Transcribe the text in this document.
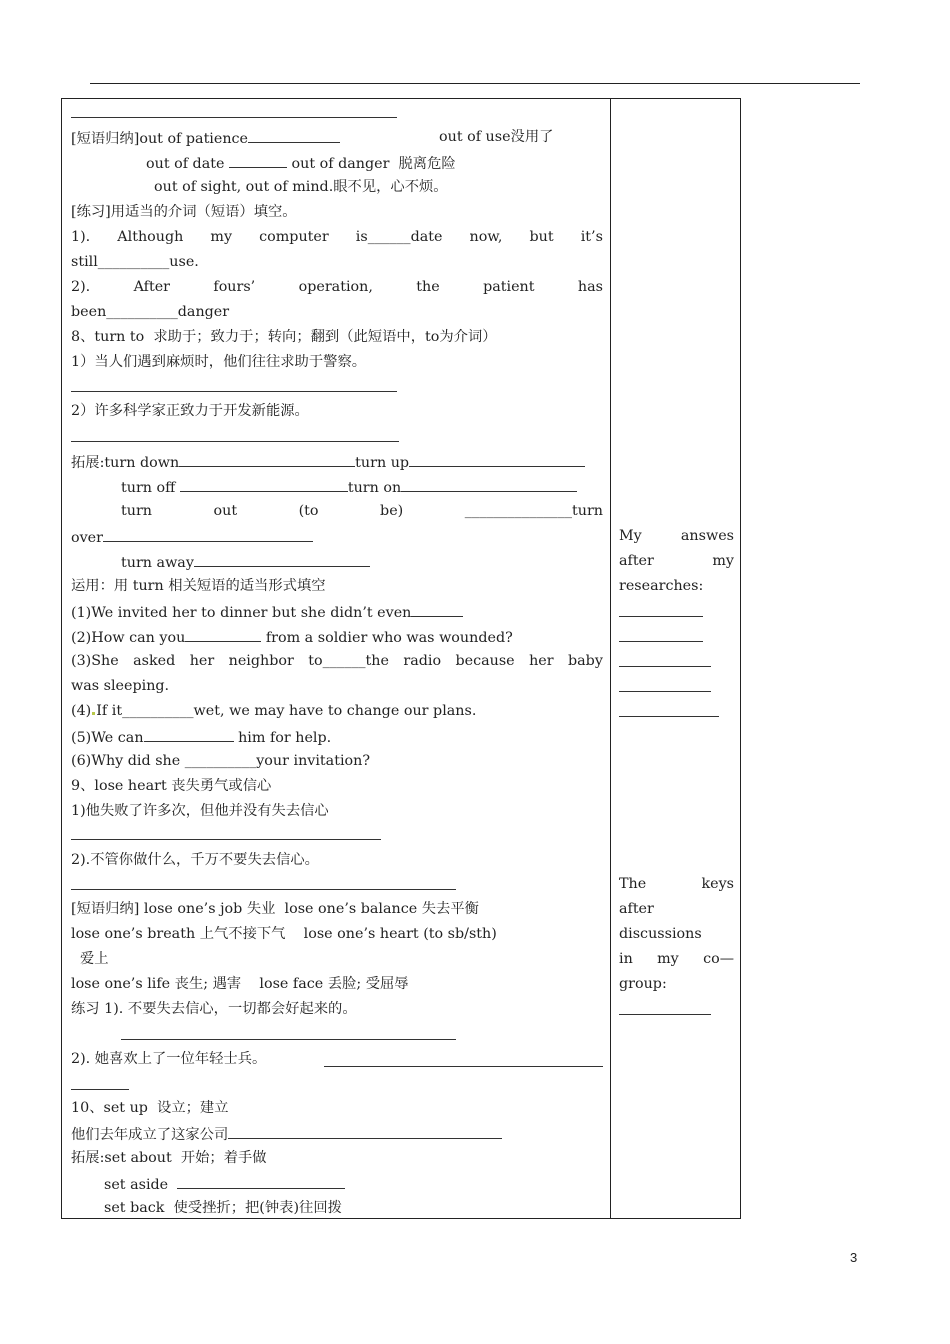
[短语归纳]out of patience	out of use没用了
out of date	out of danger  脱离危险
out of sight, out of mind.眼不见，心不烦。
[练习]用适当的介词（短语）填空。
1). Although my computer is______date now, but it’s
still__________use.
2).	After	fours’	operation,	the	patient	has
been__________danger
8、turn to  求助于；致力于；转向；翻到（此短语中，to为介词）
1）当人们遇到麻烦时，他们往往求助于警察。
2）许多科学家正致力于开发新能源。
拓展:turn down	turn up
turn off	turn on
turn	out	(to	be)	_______________turn
over
turn away
运用：用 turn 相关短语的适当形式填空
(1)We invited her to dinner but she didn’t even
(2)How can you	from a soldier who was wounded?
(3)She asked her neighbor to______the radio because her baby
was sleeping.
(4) If it__________wet, we may have to change our plans.
(5)We can	him for help.
(6)Why did she __________your invitation?
9、lose heart 丧失勇气或信心
1)他失败了许多次，但他并没有失去信心
2).不管你做什么，千万不要失去信心。
[短语归纳] lose one’s job 失业  lose one’s balance 失去平衡
lose one’s breath 上气不接下气    lose one’s heart (to sb/sth)
爱上
lose one’s life 丧生; 遇害    lose face 丢脸; 受屈辱
练习 1). 不要失去信心，一切都会好起来的。
2). 她喜欢上了一位年轻士兵。
10、set up  设立；建立
他们去年成立了这家公司
拓展:set about  开始；着手做
set aside
set back  使受挫折；把(钟表)往回拨
My	answes
after	my
researches:
The	keys
after
discussions
in my co—
group:
3
